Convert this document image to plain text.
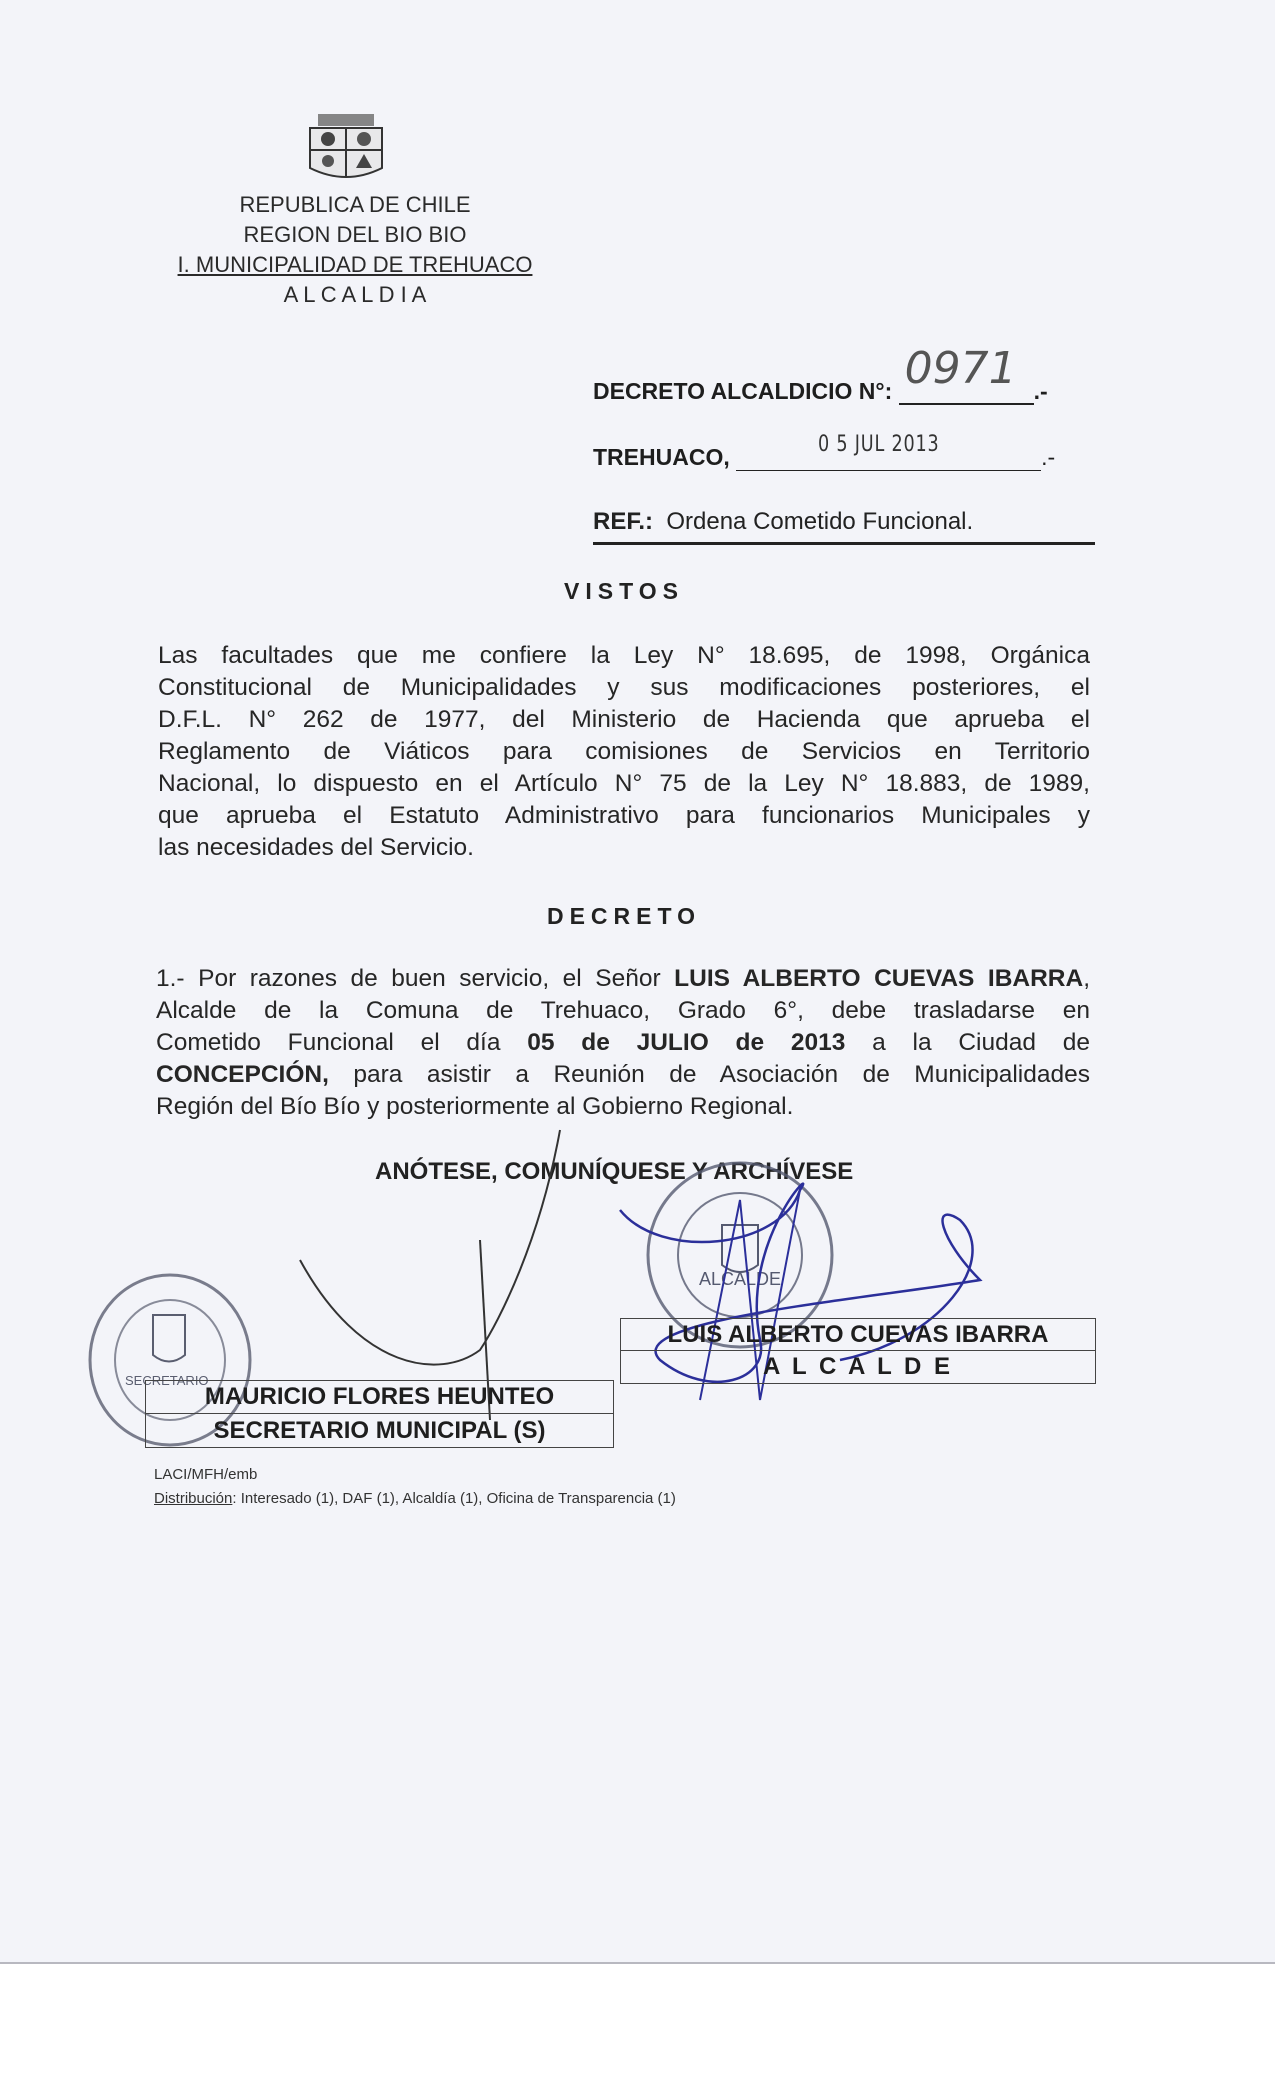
REPUBLICA DE CHILE
REGION DEL BIO BIO
I. MUNICIPALIDAD DE TREHUACO
A L C A L D I A
DECRETO ALCALDICIO N°: 0971 .-
TREHUACO,	0 5 JUL 2013	.-
REF.: Ordena Cometido Funcional.
VISTOS
Las facultades que me confiere la Ley N° 18.695, de 1998, Orgánica
Constitucional de Municipalidades y sus modificaciones posteriores, el
D.F.L. N° 262 de 1977, del Ministerio de Hacienda que aprueba el
Reglamento de Viáticos para comisiones de Servicios en Territorio
Nacional, lo dispuesto en el Artículo N° 75 de la Ley N° 18.883, de 1989,
que aprueba el Estatuto Administrativo para funcionarios Municipales y
las necesidades del Servicio.
DECRETO
1.- Por razones de buen servicio, el Señor LUIS ALBERTO CUEVAS IBARRA,
Alcalde de la Comuna de Trehuaco, Grado 6°, debe trasladarse en
Cometido Funcional el día 05 de JULIO de 2013 a la Ciudad de
CONCEPCIÓN, para asistir a Reunión de Asociación de Municipalidades
Región del Bío Bío y posteriormente al Gobierno Regional.
ANÓTESE, COMUNÍQUESE Y ARCHÍVESE
ALCALDE
SECRETARIO
LUIS ALBERTO CUEVAS IBARRA
A L C A L D E
MAURICIO FLORES HEUNTEO
SECRETARIO MUNICIPAL (S)
LACI/MFH/emb
Distribución: Interesado (1), DAF (1), Alcaldía (1), Oficina de Transparencia (1)
